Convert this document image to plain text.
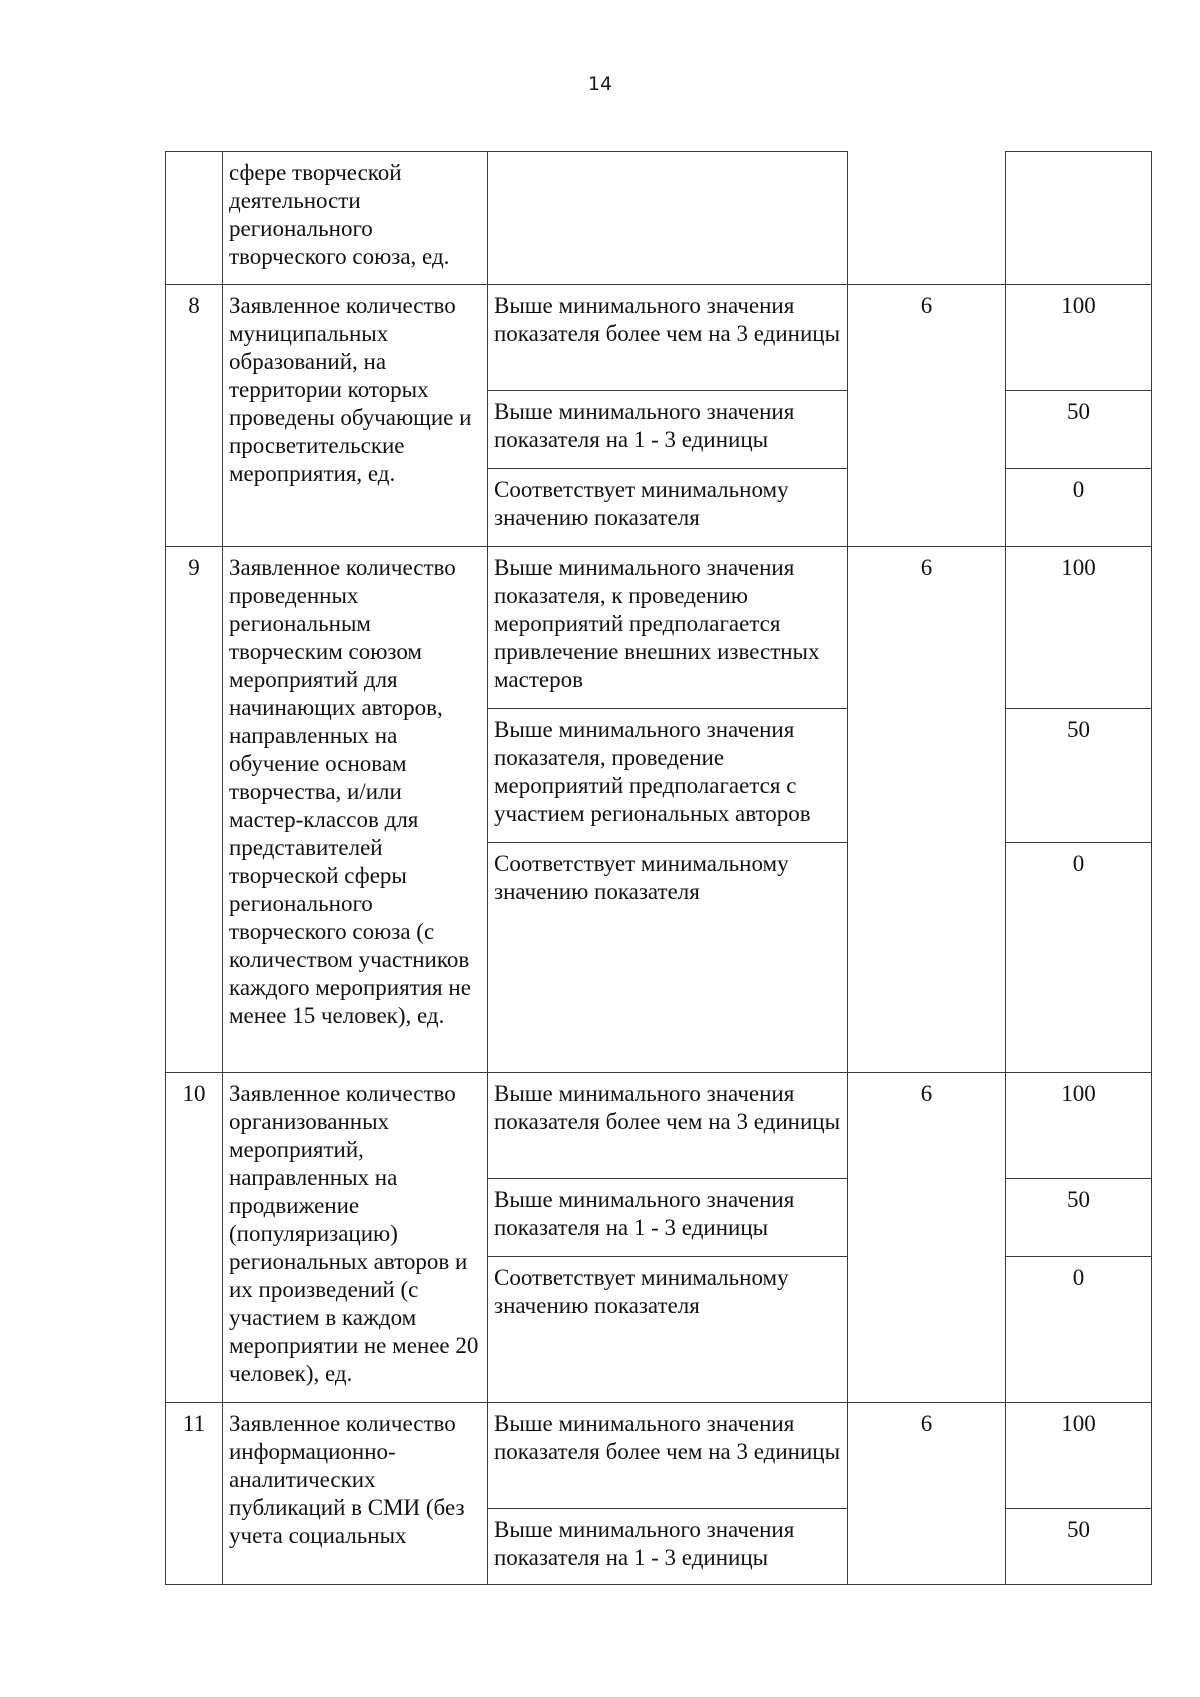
14
	сфере творческой деятельности регионального творческого союза, ед.			
8	Заявленное количество муниципальных образований, на территории которых проведены обучающие и просветительские мероприятия, ед.	Выше минимального значения показателя более чем на 3 единицы	6	100
		Выше минимального значения показателя на 1 - 3 единицы		50
		Соответствует минимальному значению показателя		0
9	Заявленное количество проведенных региональным творческим союзом мероприятий для начинающих авторов, направленных на обучение основам творчества, и/или мастер-классов для представителей творческой сферы регионального творческого союза (с количеством участников каждого мероприятия не менее 15 человек), ед.	Выше минимального значения показателя, к проведению мероприятий предполагается привлечение внешних известных мастеров	6	100
		Выше минимального значения показателя, проведение мероприятий предполагается с участием региональных авторов		50
		Соответствует минимальному значению показателя		0
10	Заявленное количество организованных мероприятий, направленных на продвижение (популяризацию) региональных авторов и их произведений (с участием в каждом мероприятии не менее 20 человек), ед.	Выше минимального значения показателя более чем на 3 единицы	6	100
		Выше минимального значения показателя на 1 - 3 единицы		50
		Соответствует минимальному значению показателя		0
11	Заявленное количество информационно-аналитических публикаций в СМИ (без учета социальных	Выше минимального значения показателя более чем на 3 единицы	6	100
		Выше минимального значения показателя на 1 - 3 единицы		50
